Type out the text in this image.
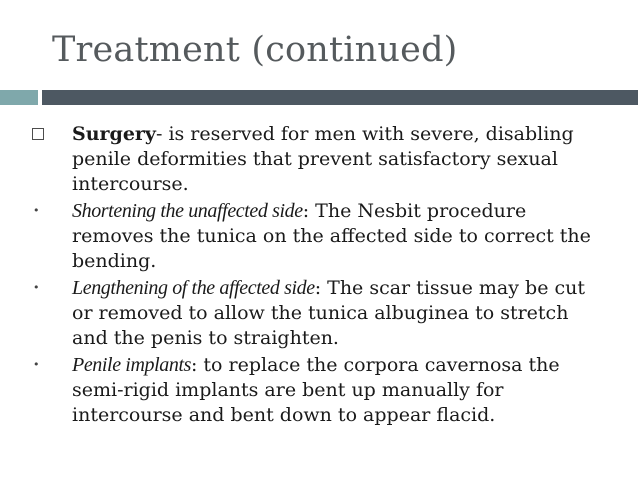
Treatment (continued)
Surgery- is reserved for men with severe, disabling penile deformities that prevent satisfactory sexual intercourse.
• Shortening the unaffected side: The Nesbit procedure removes the tunica on the affected side to correct the bending.
• Lengthening of the affected side: The scar tissue may be cut or removed to allow the tunica albuginea to stretch and the penis to straighten.
• Penile implants: to replace the corpora cavernosa the semi-rigid implants are bent up manually for intercourse and bent down to appear flacid.
